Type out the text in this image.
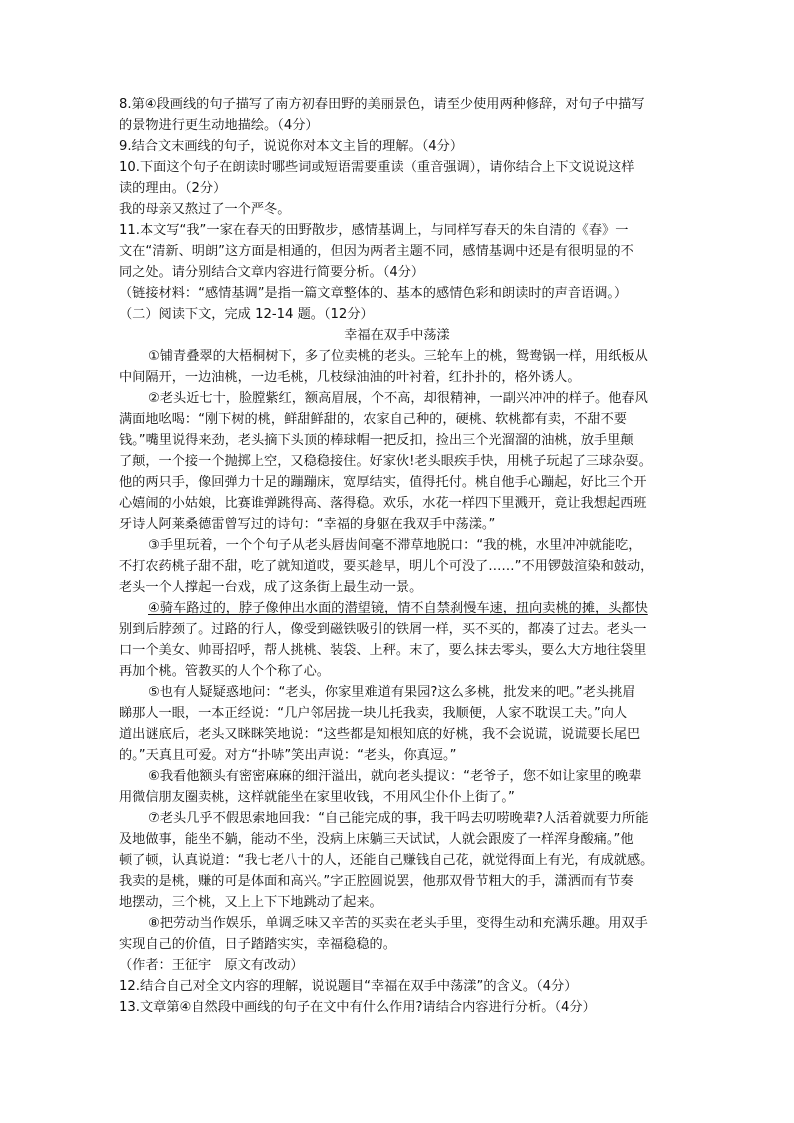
8.第④段画线的句子描写了南方初春田野的美丽景色，请至少使用两种修辞，对句子中描写
的景物进行更生动地描绘。（4分）
9.结合文末画线的句子，说说你对本文主旨的理解。（4分）
10.下面这个句子在朗读时哪些词或短语需要重读（重音强调），请你结合上下文说说这样
读的理由。（2分）
我的母亲又熬过了一个严冬。
11.本文写“我”一家在春天的田野散步，感情基调上，与同样写春天的朱自清的《春》一
文在“清新、明朗”这方面是相通的，但因为两者主题不同，感情基调中还是有很明显的不
同之处。请分别结合文章内容进行简要分析。（4分）
（链接材料：“感情基调”是指一篇文章整体的、基本的感情色彩和朗读时的声音语调。）
（二）阅读下文，完成 12-14 题。（12分）
幸福在双手中荡漾
①铺青叠翠的大梧桐树下，多了位卖桃的老头。三轮车上的桃，鸳鸯锅一样，用纸板从
中间隔开，一边油桃，一边毛桃，几枝绿油油的叶衬着，红扑扑的，格外诱人。
②老头近七十，脸膛紫红，额高眉展，个不高，却很精神，一副兴冲冲的样子。他春风
满面地吆喝：“刚下树的桃，鲜甜鲜甜的，农家自己种的，硬桃、软桃都有卖，不甜不要
钱。”嘴里说得来劲，老头摘下头顶的棒球帽一把反扣，捡出三个光溜溜的油桃，放手里颠
了颠，一个接一个抛掷上空，又稳稳接住。好家伙!老头眼疾手快，用桃子玩起了三球杂耍。
他的两只手，像回弹力十足的蹦蹦床，宽厚结实，值得托付。桃自他手心蹦起，好比三个开
心嬉闹的小姑娘，比赛谁弹跳得高、落得稳。欢乐，水花一样四下里溅开，竟让我想起西班
牙诗人阿莱桑德雷曾写过的诗句：“幸福的身躯在我双手中荡漾。”
③手里玩着，一个个句子从老头唇齿间毫不滞草地脱口：“我的桃，水里冲冲就能吃，
不打农药桃子甜不甜，吃了就知道哎，要买趁早，明儿个可没了……”不用锣鼓渲染和鼓动，
老头一个人撑起一台戏，成了这条街上最生动一景。
④骑车路过的，脖子像伸出水面的潜望镜，情不自禁刹慢车速，扭向卖桃的摊，头都快
别到后脖颈了。过路的行人，像受到磁铁吸引的铁屑一样，买不买的，都凑了过去。老头一
口一个美女、帅哥招呼，帮人挑桃、装袋、上秤。末了，要么抹去零头，要么大方地往袋里
再加个桃。管教买的人个个称了心。
⑤也有人疑疑惑地问：“老头，你家里难道有果园?这么多桃，批发来的吧。”老头挑眉
睇那人一眼，一本正经说：“几户邻居拢一块儿托我卖，我顺便，人家不耽误工夫。”向人
道出谜底后，老头又眯眯笑地说：“这些都是知根知底的好桃，我不会说谎，说谎要长尾巴
的。”天真且可爱。对方“扑哧”笑出声说：“老头，你真逗。”
⑥我看他额头有密密麻麻的细汗溢出，就向老头提议：“老爷子，您不如让家里的晚辈
用微信朋友圈卖桃，这样就能坐在家里收钱，不用风尘仆仆上街了。”
⑦老头几乎不假思索地回我：“自己能完成的事，我干吗去叨唠晚辈?人活着就要力所能
及地做事，能坐不躺，能动不坐，没病上床躺三天试试，人就会跟废了一样浑身酸痛。”他
顿了顿，认真说道：“我七老八十的人，还能自己赚钱自己花，就觉得面上有光，有成就感。
我卖的是桃，赚的可是体面和高兴。”字正腔圆说罢，他那双骨节粗大的手，潇洒而有节奏
地摆动，三个桃，又上上下下地跳动了起来。
⑧把劳动当作娱乐，单调乏味又辛苦的买卖在老头手里，变得生动和充满乐趣。用双手
实现自己的价值，日子踏踏实实，幸福稳稳的。
（作者：王征宇　原文有改动）
12.结合自己对全文内容的理解，说说题目“幸福在双手中荡漾”的含义。（4分）
13.文章第④自然段中画线的句子在文中有什么作用?请结合内容进行分析。（4分）
